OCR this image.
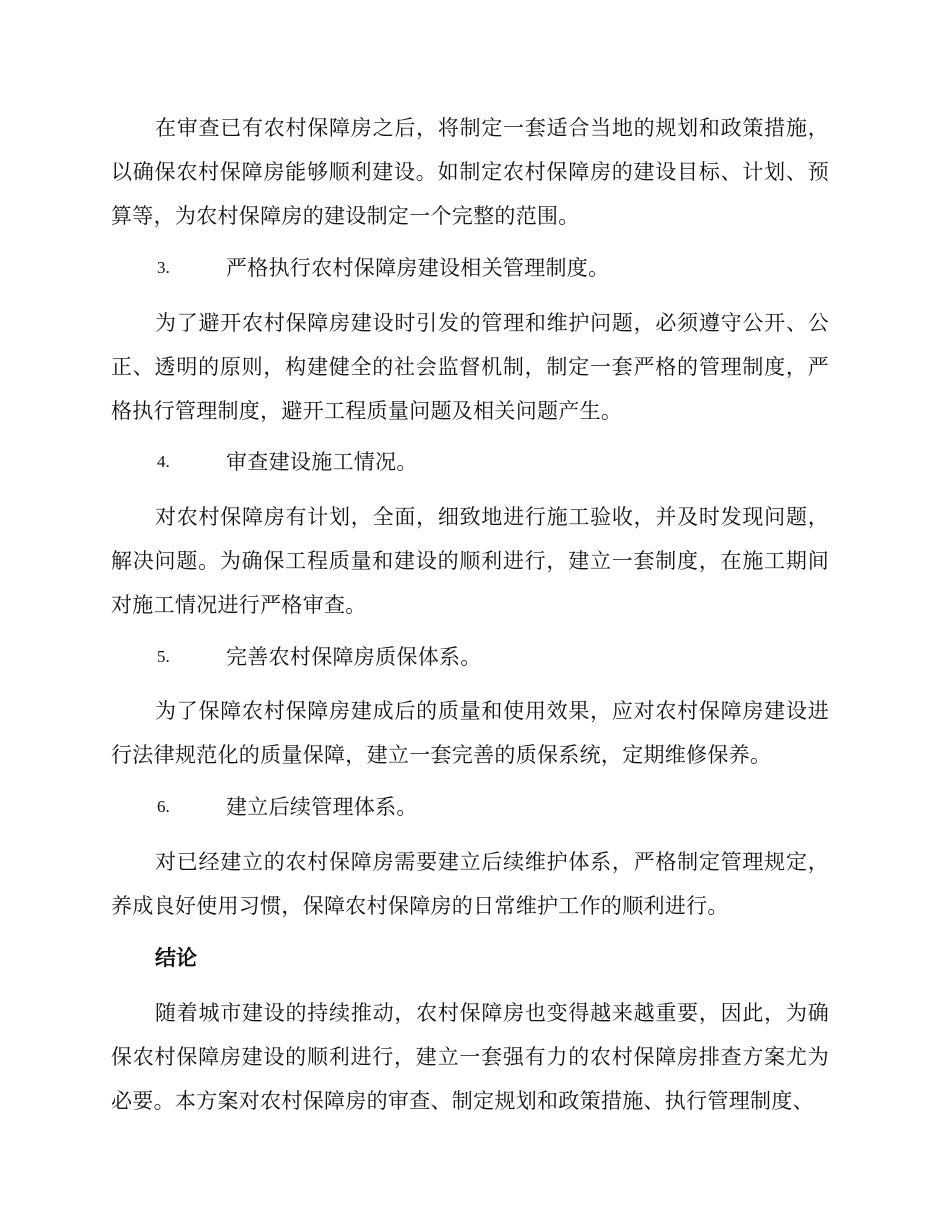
在审查已有农村保障房之后，将制定一套适合当地的规划和政策措施，以确保农村保障房能够顺利建设。如制定农村保障房的建设目标、计划、预算等，为农村保障房的建设制定一个完整的范围。

3.	严格执行农村保障房建设相关管理制度。

为了避开农村保障房建设时引发的管理和维护问题，必须遵守公开、公正、透明的原则，构建健全的社会监督机制，制定一套严格的管理制度，严格执行管理制度，避开工程质量问题及相关问题产生。

4.	审查建设施工情况。

对农村保障房有计划，全面，细致地进行施工验收，并及时发现问题，解决问题。为确保工程质量和建设的顺利进行，建立一套制度，在施工期间对施工情况进行严格审查。

5.	完善农村保障房质保体系。

为了保障农村保障房建成后的质量和使用效果，应对农村保障房建设进行法律规范化的质量保障，建立一套完善的质保系统，定期维修保养。

6.	建立后续管理体系。

对已经建立的农村保障房需要建立后续维护体系，严格制定管理规定，养成良好使用习惯，保障农村保障房的日常维护工作的顺利进行。

结论

随着城市建设的持续推动，农村保障房也变得越来越重要，因此，为确保农村保障房建设的顺利进行，建立一套强有力的农村保障房排查方案尤为必要。本方案对农村保障房的审查、制定规划和政策措施、执行管理制度、
